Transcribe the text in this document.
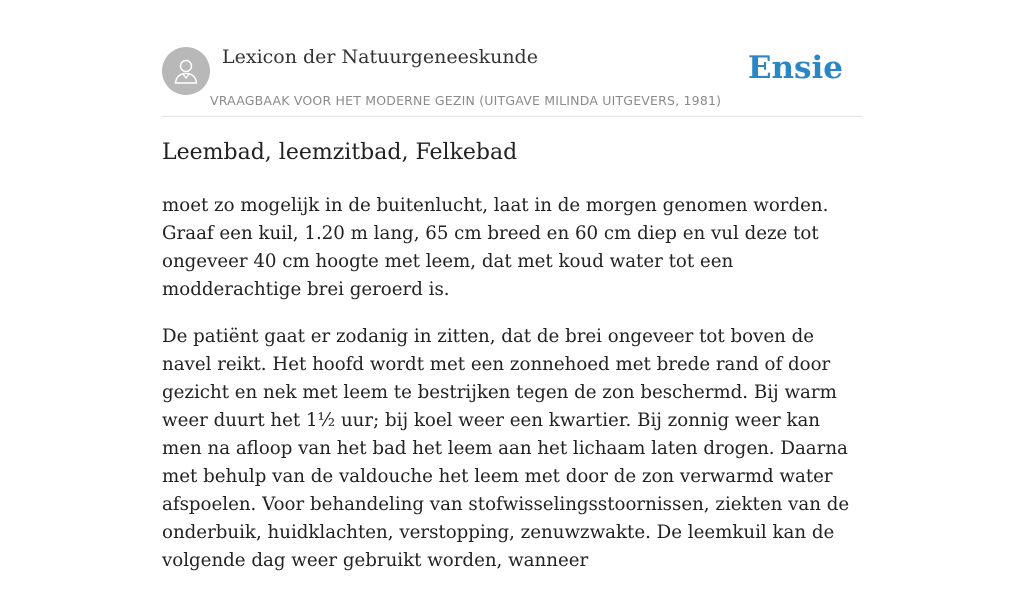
Lexicon der Natuurgeneeskunde
VRAAGBAAK VOOR HET MODERNE GEZIN (UITGAVE MILINDA UITGEVERS, 1981)
Ensie
Leembad, leemzitbad, Felkebad

moet zo mogelijk in de buitenlucht, laat in de morgen genomen worden. Graaf een kuil, 1.20 m lang, 65 cm breed en 60 cm diep en vul deze tot ongeveer 40 cm hoogte met leem, dat met koud water tot een modderachtige brei geroerd is.

De patiënt gaat er zodanig in zitten, dat de brei ongeveer tot boven de navel reikt. Het hoofd wordt met een zonnehoed met brede rand of door gezicht en nek met leem te bestrijken tegen de zon beschermd. Bij warm weer duurt het 1½ uur; bij koel weer een kwartier. Bij zonnig weer kan men na afloop van het bad het leem aan het lichaam laten drogen. Daarna met behulp van de valdouche het leem met door de zon verwarmd water afspoelen. Voor behandeling van stofwisselingsstoornissen, ziekten van de onderbuik, huidklachten, verstopping, zenuwzwakte. De leemkuil kan de volgende dag weer gebruikt worden, wanneer
